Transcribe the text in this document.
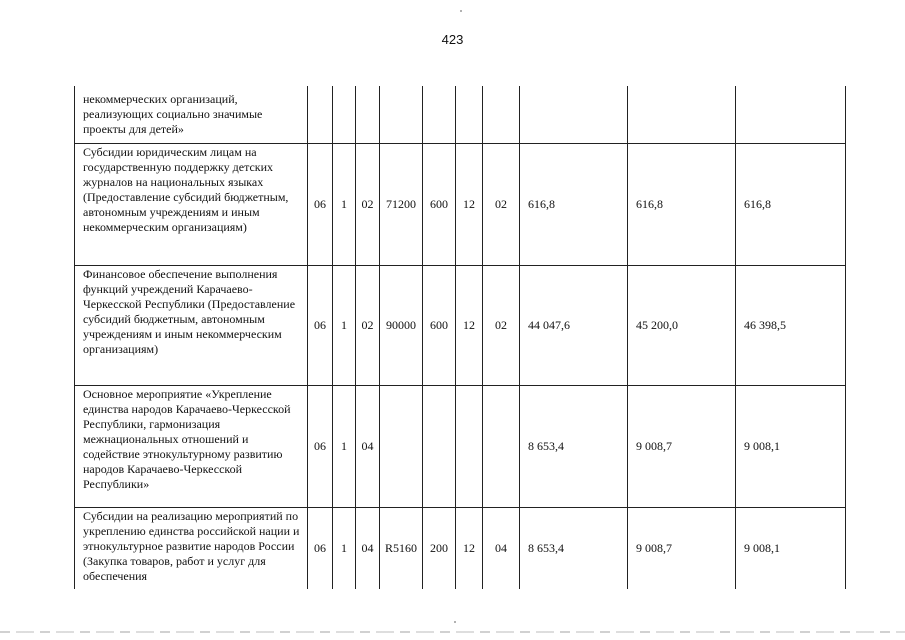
423
некоммерческих организаций, реализующих социально значимые проекты для детей»										
Субсидии юридическим лицам на государственную поддержку детских журналов на национальных языках (Предоставление субсидий бюджетным, автономным учреждениям и иным некоммерческим организациям)	06	1	02	71200	600	12	02	616,8	616,8	616,8
Финансовое обеспечение выполнения функций учреждений Карачаево-Черкесской Республики (Предоставление субсидий бюджетным, автономным учреждениям и иным некоммерческим организациям)	06	1	02	90000	600	12	02	44 047,6	45 200,0	46 398,5
Основное мероприятие «Укрепление единства народов Карачаево-Черкесской Республики, гармонизация межнациональных отношений и содействие этнокультурному развитию народов Карачаево-Черкесской Республики»	06	1	04					8 653,4	9 008,7	9 008,1
Субсидии на реализацию мероприятий по укреплению единства российской нации и этнокультурное развитие народов России (Закупка товаров, работ и услуг для обеспечения	06	1	04	R5160	200	12	04	8 653,4	9 008,7	9 008,1
